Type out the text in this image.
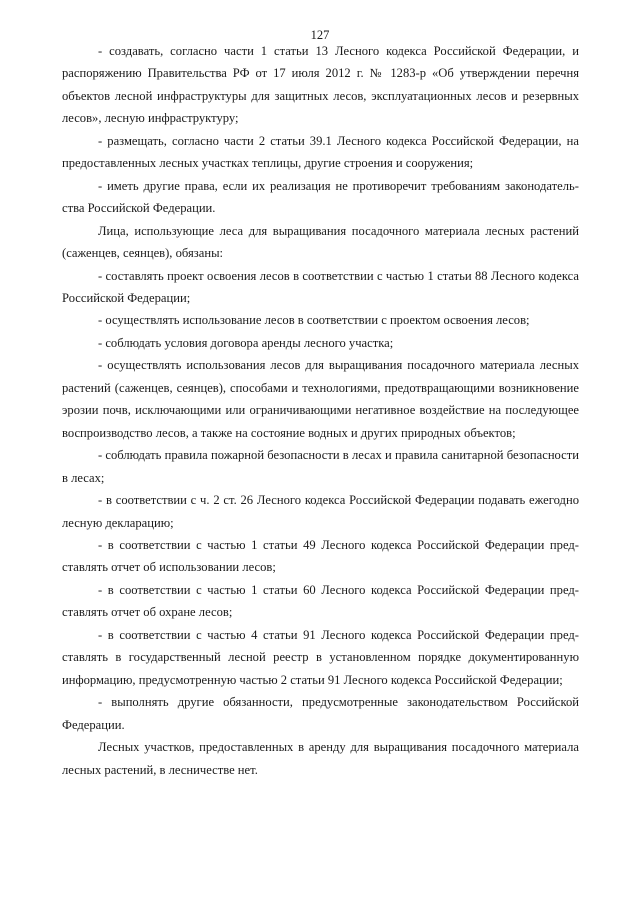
127

- создавать, согласно части 1 статьи 13 Лесного кодекса Российской Федерации, и распоряжению Правительства РФ от 17 июля 2012 г. № 1283-р «Об утверждении перечня объектов лесной инфраструктуры для защитных лесов, эксплуатационных лесов и резервных лесов», лесную инфраструктуру;

- размещать, согласно части 2 статьи 39.1 Лесного кодекса Российской Федерации, на предоставленных лесных участках теплицы, другие строения и сооружения;

- иметь другие права, если их реализация не противоречит требованиям законодательства Российской Федерации.

Лица, использующие леса для выращивания посадочного материала лесных растений (саженцев, сеянцев), обязаны:

- составлять проект освоения лесов в соответствии с частью 1 статьи 88 Лесного кодекса Российской Федерации;

- осуществлять использование лесов в соответствии с проектом освоения лесов;

- соблюдать условия договора аренды лесного участка;

- осуществлять использования лесов для выращивания посадочного материала лесных растений (саженцев, сеянцев), способами и технологиями, предотвращающими возникновение эрозии почв, исключающими или ограничивающими негативное воздействие на последующее воспроизводство лесов, а также на состояние водных и других природных объектов;

- соблюдать правила пожарной безопасности в лесах и правила санитарной безопасности в лесах;

- в соответствии с ч. 2 ст. 26 Лесного кодекса Российской Федерации подавать ежегодно лесную декларацию;

- в соответствии с частью 1 статьи 49 Лесного кодекса Российской Федерации представлять отчет об использовании лесов;

- в соответствии с частью 1 статьи 60 Лесного кодекса Российской Федерации представлять отчет об охране лесов;

- в соответствии с частью 4 статьи 91 Лесного кодекса Российской Федерации представлять в государственный лесной реестр в установленном порядке документированную информацию, предусмотренную частью 2 статьи 91 Лесного кодекса Российской Федерации;

- выполнять другие обязанности, предусмотренные законодательством Российской Федерации.

Лесных участков, предоставленных в аренду для выращивания посадочного материала лесных растений, в лесничестве нет.
